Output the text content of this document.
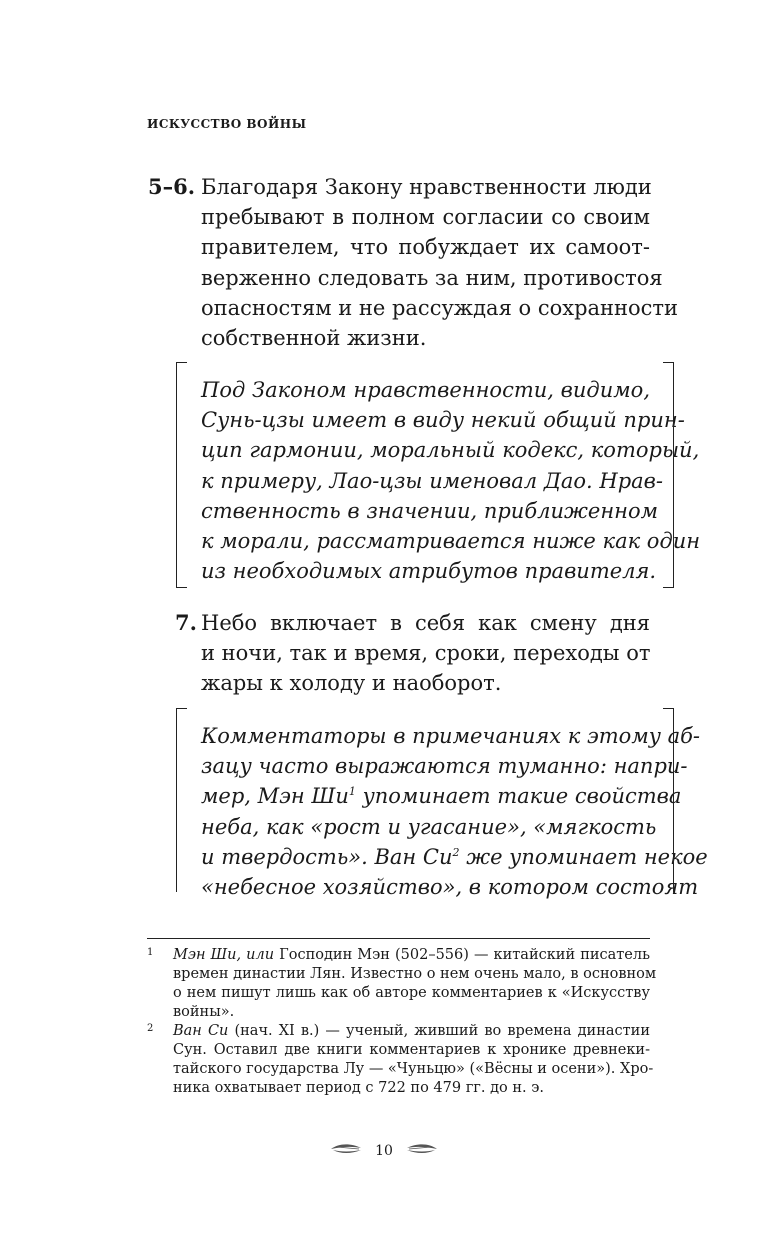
ИСКУССТВО ВОЙНЫ
5–6. Благодаря Закону нравственности люди
пребывают в полном согласии со своим
правителем, что побуждает их самоот-
верженно следовать за ним, противостоя
опасностям и не рассуждая о сохранности
собственной жизни.
Под Законом нравственности, видимо,
Сунь-цзы имеет в виду некий общий прин-
цип гармонии, моральный кодекс, который,
к примеру, Лао-цзы именовал Дао. Нрав-
ственность в значении, приближенном
к морали, рассматривается ниже как один
из необходимых атрибутов правителя.
7. Небо включает в себя как смену дня
и ночи, так и время, сроки, переходы от
жары к холоду и наоборот.
Комментаторы в примечаниях к этому аб-
зацу часто выражаются туманно: напри-
мер, Мэн $Ши^1$ упоминает такие свойства
неба, как «рост и угасание», «мягкость
и твердость». Ван $Си^2$ же упоминает некое
«небесное хозяйство», в котором состоят
1 Мэн Ши, или Господин Мэн (502–556) — китайский писатель
времен династии Лян. Известно о нем очень мало, в основном
о нем пишут лишь как об авторе комментариев к «Искусству
войны».
2 Ван Си (нач. XI в.) — ученый, живший во времена династии
Сун. Оставил две книги комментариев к хронике древнеки-
тайского государства Лу — «Чуньцю» («Вёсны и осени»). Хро-
ника охватывает период с 722 по 479 гг. до н. э.
10
